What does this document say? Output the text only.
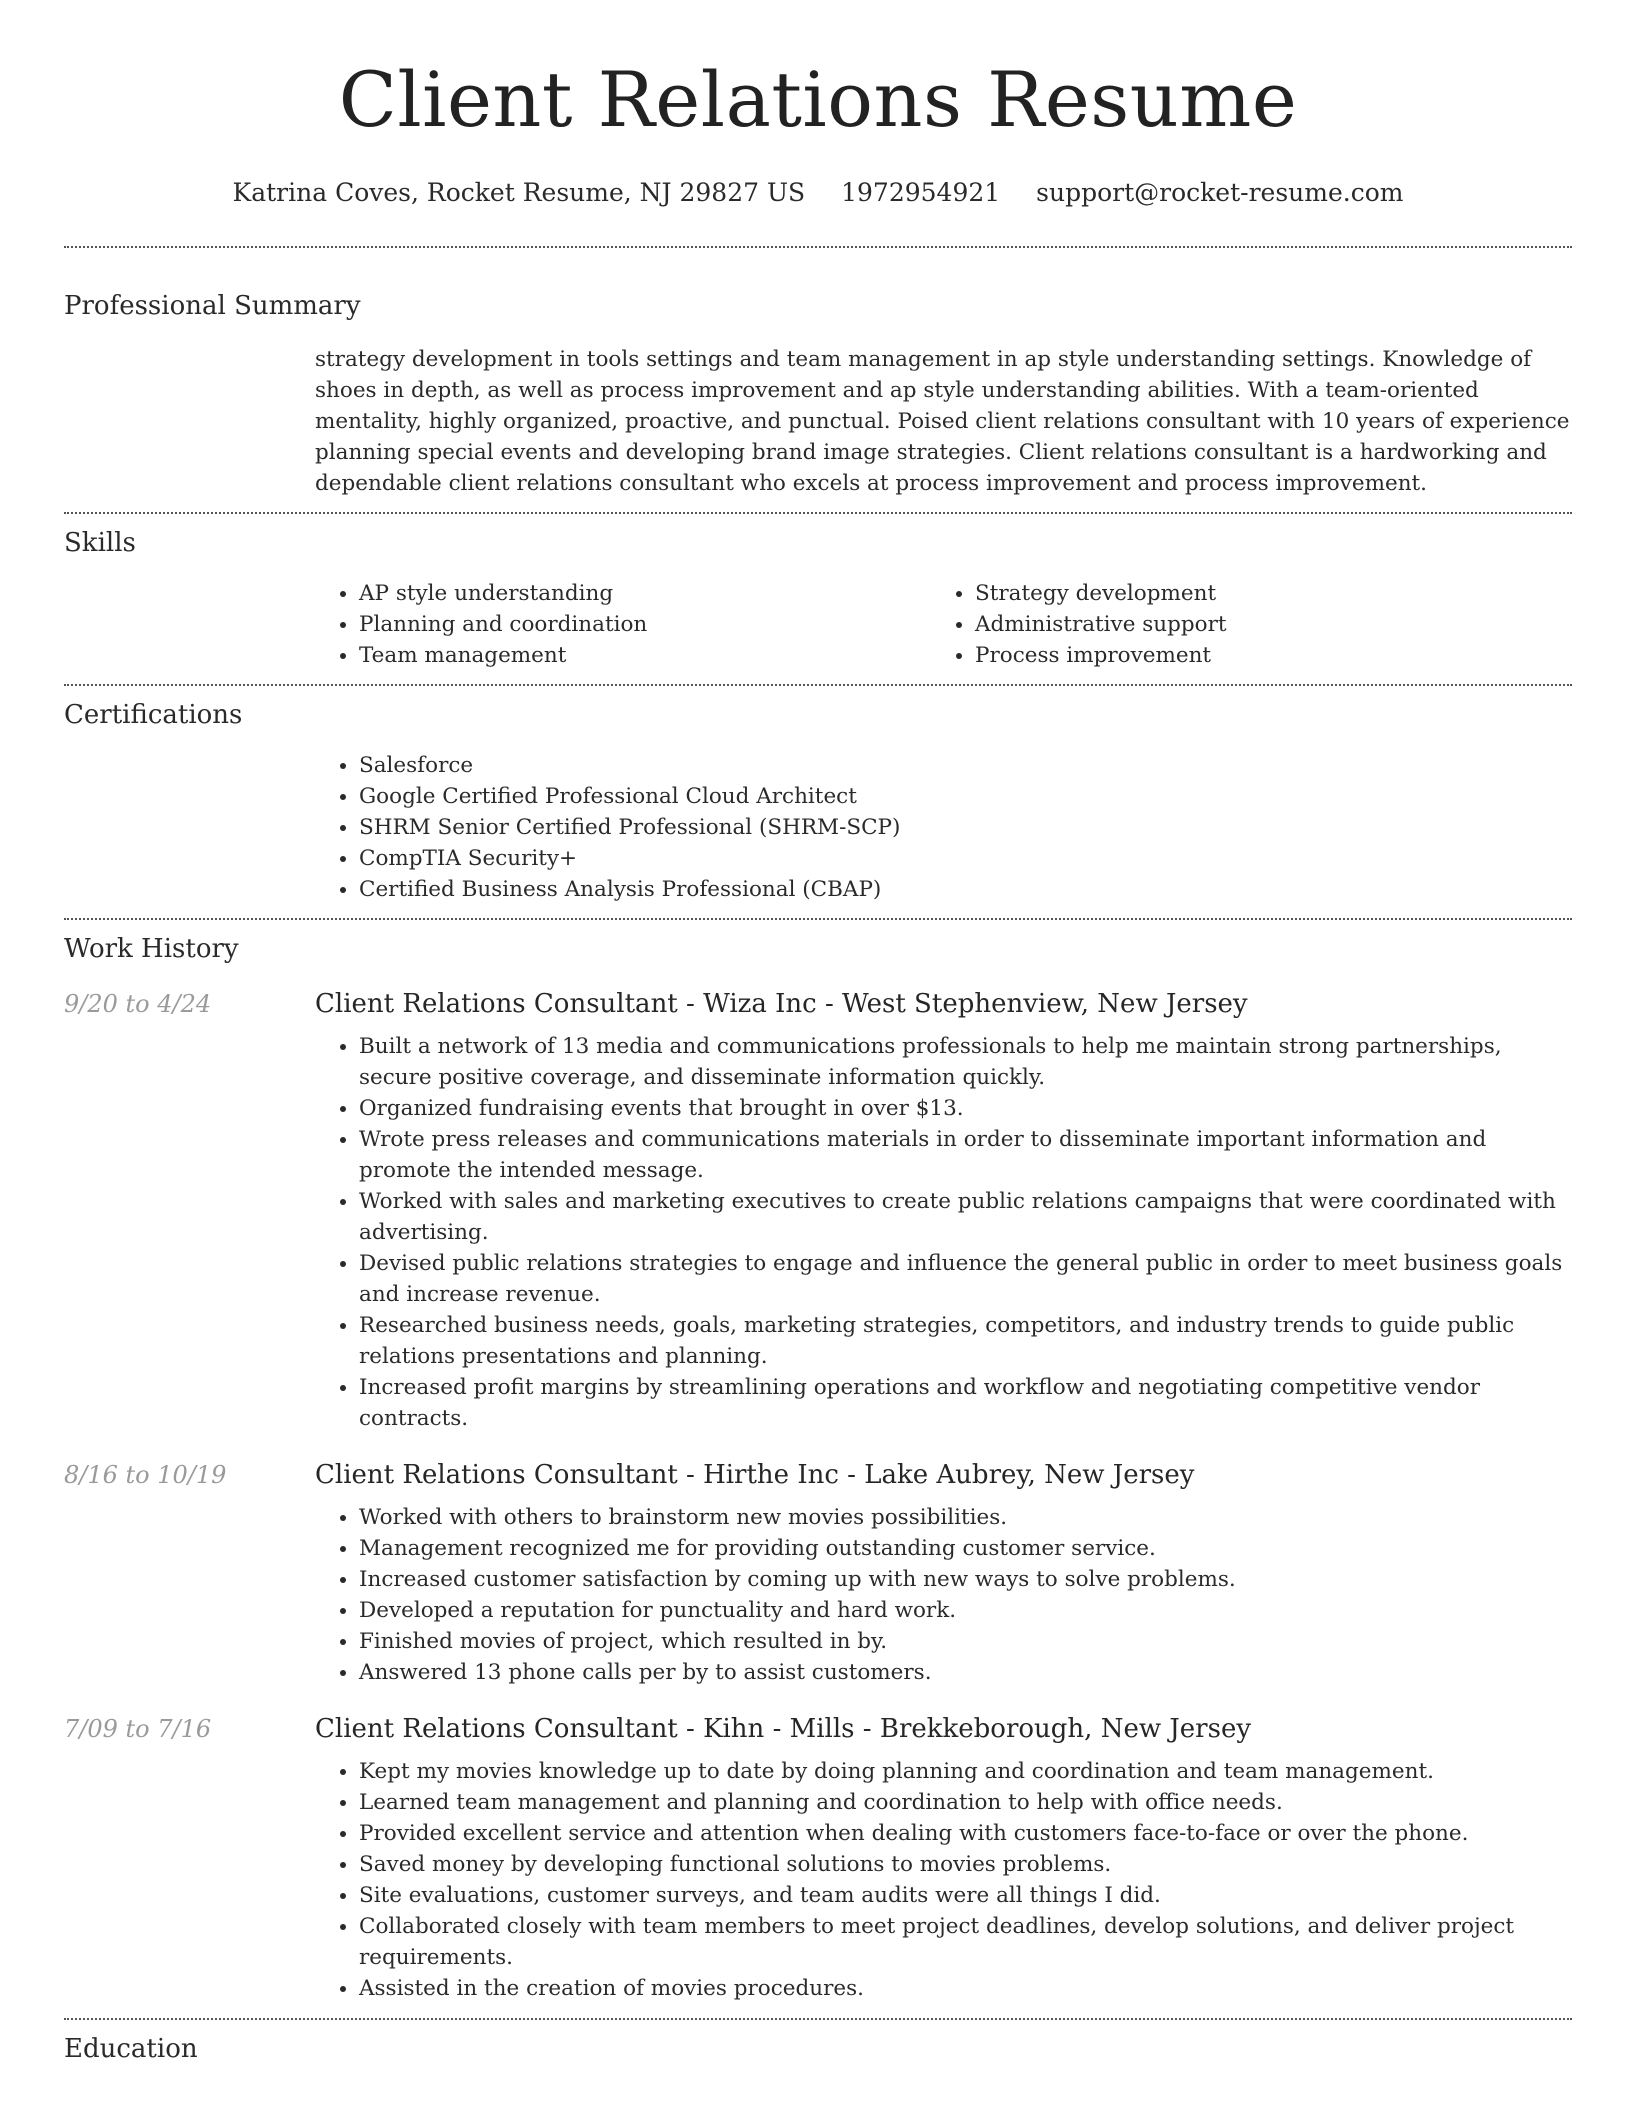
Client Relations Resume
Katrina Coves, Rocket Resume, NJ 29827 US 1972954921 support@rocket-resume.com
Professional Summary
strategy development in tools settings and team management in ap style understanding settings. Knowledge of shoes in depth, as well as process improvement and ap style understanding abilities. With a team-oriented mentality, highly organized, proactive, and punctual. Poised client relations consultant with 10 years of experience planning special events and developing brand image strategies. Client relations consultant is a hardworking and dependable client relations consultant who excels at process improvement and process improvement.
Skills
• AP style understanding
• Planning and coordination
• Team management
• Strategy development
• Administrative support
• Process improvement
Certifications
• Salesforce
• Google Certified Professional Cloud Architect
• SHRM Senior Certified Professional (SHRM-SCP)
• CompTIA Security+
• Certified Business Analysis Professional (CBAP)
Work History
9/20 to 4/24	Client Relations Consultant - Wiza Inc - West Stephenview, New Jersey
• Built a network of 13 media and communications professionals to help me maintain strong partnerships, secure positive coverage, and disseminate information quickly.
• Organized fundraising events that brought in over $13.
• Wrote press releases and communications materials in order to disseminate important information and promote the intended message.
• Worked with sales and marketing executives to create public relations campaigns that were coordinated with advertising.
• Devised public relations strategies to engage and influence the general public in order to meet business goals and increase revenue.
• Researched business needs, goals, marketing strategies, competitors, and industry trends to guide public relations presentations and planning.
• Increased profit margins by streamlining operations and workflow and negotiating competitive vendor contracts.
8/16 to 10/19	Client Relations Consultant - Hirthe Inc - Lake Aubrey, New Jersey
• Worked with others to brainstorm new movies possibilities.
• Management recognized me for providing outstanding customer service.
• Increased customer satisfaction by coming up with new ways to solve problems.
• Developed a reputation for punctuality and hard work.
• Finished movies of project, which resulted in by.
• Answered 13 phone calls per by to assist customers.
7/09 to 7/16	Client Relations Consultant - Kihn - Mills - Brekkeborough, New Jersey
• Kept my movies knowledge up to date by doing planning and coordination and team management.
• Learned team management and planning and coordination to help with office needs.
• Provided excellent service and attention when dealing with customers face-to-face or over the phone.
• Saved money by developing functional solutions to movies problems.
• Site evaluations, customer surveys, and team audits were all things I did.
• Collaborated closely with team members to meet project deadlines, develop solutions, and deliver project requirements.
• Assisted in the creation of movies procedures.
Education
